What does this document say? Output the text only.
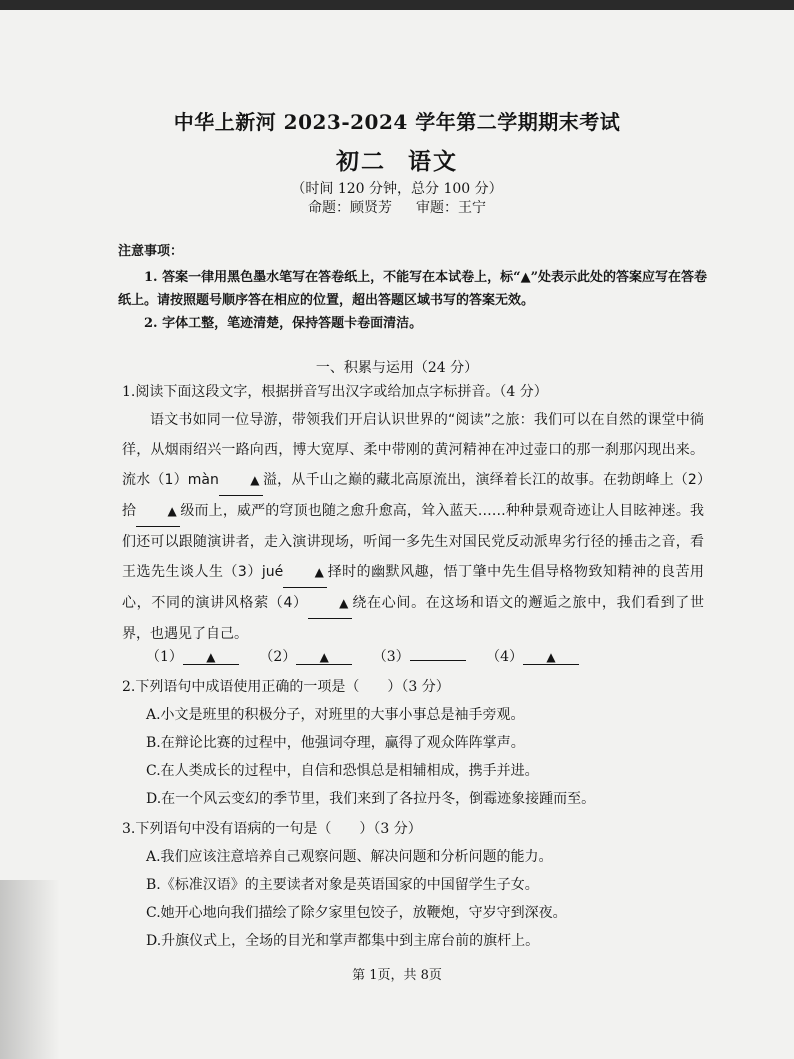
中华上新河 2023-2024 学年第二学期期末考试
初二 语文
（时间 120 分钟，总分 100 分）
命题：顾贤芳 审题：王宁
注意事项：
1. 答案一律用黑色墨水笔写在答卷纸上，不能写在本试卷上，标“▲”处表示此处的答案应写在答卷纸上。请按照题号顺序答在相应的位置，超出答题区域书写的答案无效。
2. 字体工整，笔迹清楚，保持答题卡卷面清洁。
一、积累与运用（24 分）
1.阅读下面这段文字，根据拼音写出汉字或给加点字标拼音。（4 分）

语文书如同一位导游，带领我们开启认识世界的“阅读”之旅：我们可以在自然的课堂中徜徉，从烟雨绍兴一路向西，博大宽厚、柔中带刚的黄河精神在冲过壶口的那一刹那闪现出来。流水（1）màn	▲ 溢，从千山之巅的藏北高原流出，演绎着长江的故事。在勃朗峰上（2）拾	▲ 级而上，威严的穹顶也随之愈升愈高，耸入蓝天……种种景观奇迹让人目眩神迷。我们还可以跟随演讲者，走入演讲现场，听闻一多先生对国民党反动派卑劣行径的捶击之音，看王选先生谈人生（3）jué	▲ 择时的幽默风趣，悟丁肇中先生倡导格物致知精神的良苦用心，不同的演讲风格萦（4）	▲ 绕在心间。在这场和语文的邂逅之旅中，我们看到了世界，也遇见了自己。

（1） ▲	（2） ▲	（3）	（4） ▲
2.下列语句中成语使用正确的一项是（　　）（3 分）
A.小文是班里的积极分子，对班里的大事小事总是袖手旁观。
B.在辩论比赛的过程中，他强词夺理，赢得了观众阵阵掌声。
C.在人类成长的过程中，自信和恐惧总是相辅相成，携手并进。
D.在一个风云变幻的季节里，我们来到了各拉丹冬，倒霉迹象接踵而至。
3.下列语句中没有语病的一句是（　　）（3 分）
A.我们应该注意培养自己观察问题、解决问题和分析问题的能力。
B.《标准汉语》的主要读者对象是英语国家的中国留学生子女。
C.她开心地向我们描绘了除夕家里包饺子，放鞭炮，守岁守到深夜。
D.升旗仪式上，全场的目光和掌声都集中到主席台前的旗杆上。
第 1页，共 8页
